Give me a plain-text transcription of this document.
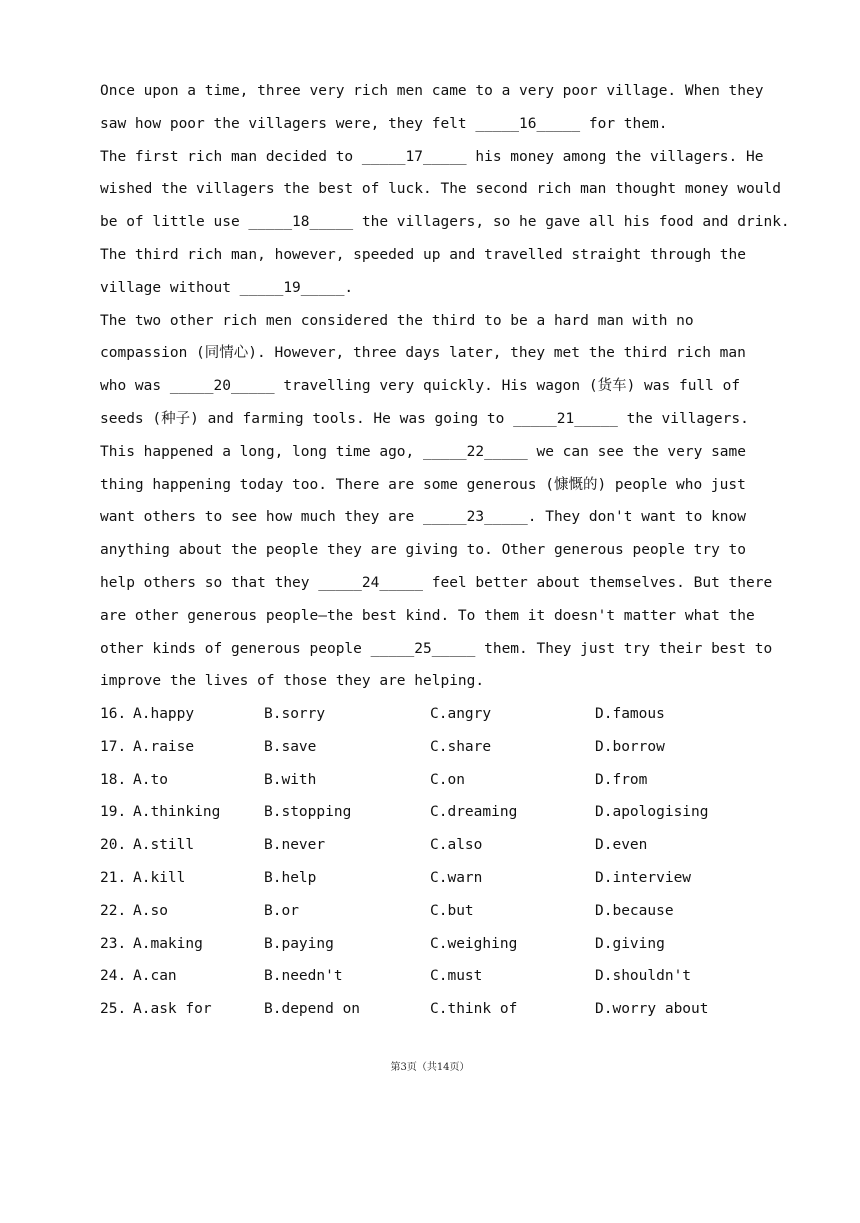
Once upon a time, three very rich men came to a very poor village. When they
saw how poor the villagers were, they felt _____16_____ for them.
The first rich man decided to _____17_____ his money among the villagers. He
wished the villagers the best of luck. The second rich man thought money would
be of little use _____18_____ the villagers, so he gave all his food and drink.
The third rich man, however, speeded up and travelled straight through the
village without _____19_____.
The two other rich men considered the third to be a hard man with no
compassion (同情心). However, three days later, they met the third rich man
who was _____20_____ travelling very quickly. His wagon (货车) was full of
seeds (种子) and farming tools. He was going to _____21_____ the villagers.
This happened a long, long time ago, _____22_____ we can see the very same
thing happening today too. There are some generous (慷慨的) people who just
want others to see how much they are _____23_____. They don't want to know
anything about the people they are giving to. Other generous people try to
help others so that they _____24_____ feel better about themselves. But there
are other generous people—the best kind. To them it doesn't matter what the
other kinds of generous people _____25_____ them. They just try their best to
improve the lives of those they are helping.

16.

A.happy

	B.sorry

	C.angry

	D.famous

17.

A.raise

	B.save

	C.share

	D.borrow

18.

A.to

	B.with

	C.on

	D.from

19.

A.thinking

	B.stopping

	C.dreaming

	D.apologising

20.

A.still

	B.never

	C.also

	D.even

21.

A.kill

	B.help

	C.warn

	D.interview

22.

A.so

	B.or

	C.but

	D.because

23.

A.making

	B.paying

	C.weighing

	D.giving

24.

A.can

	B.needn't

	C.must

	D.shouldn't

25.

A.ask for

	B.depend on

	C.think of

	D.worry about

第3页（共14页）
